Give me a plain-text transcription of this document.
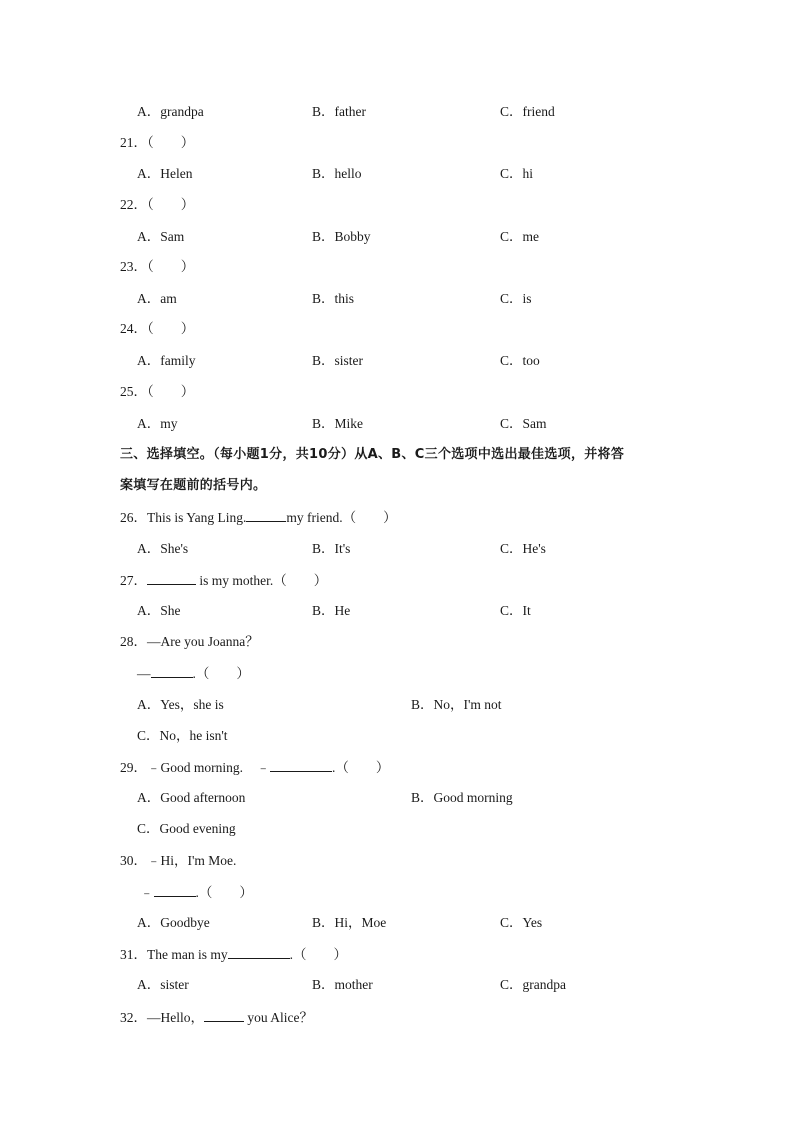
A．grandpa	B．father	C．friend
21．（　　）
A．Helen	B．hello	C．hi
22．（　　）
A．Sam	B．Bobby	C．me
23．（　　）
A．am	B．this	C．is
24．（　　）
A．family	B．sister	C．too
25．（　　）
A．my	B．Mike	C．Sam
三、选择填空。（每小题1分，共10分）从A、B、C三个选项中选出最佳选项，并将答
案填写在题前的括号内。
26．This is Yang Ling.	my friend.（　　）
A．She's	B．It's	C．He's
27．	is my mother.（　　）
A．She	B．He	C．It
28．—Are you Joanna？
—	.（　　）
A．Yes，she is	B．No，I'm not
C．No，he isn't
29．﹣Good morning.　﹣	.（　　）
A．Good afternoon	B．Good morning
C．Good evening
30．﹣Hi，I'm Moe.
﹣	.（　　）
A．Goodbye	B．Hi，Moe	C．Yes
31．The man is my	.（　　）
A．sister	B．mother	C．grandpa
32．—Hello，	you Alice？
